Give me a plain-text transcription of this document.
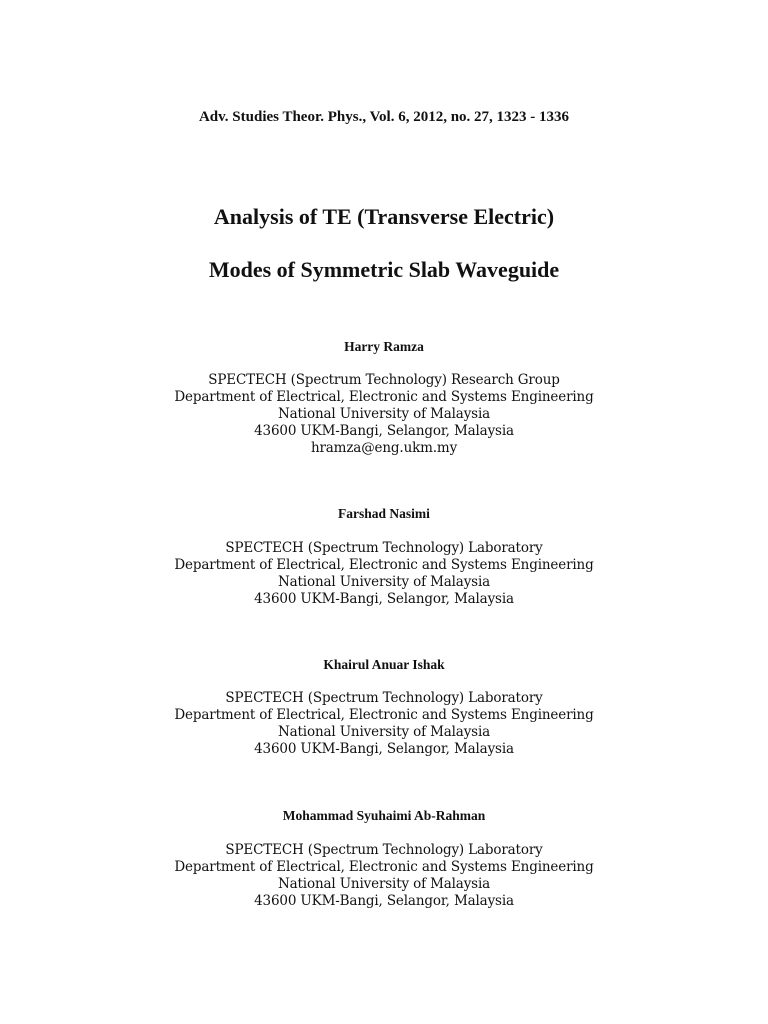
Adv. Studies Theor. Phys., Vol. 6, 2012, no. 27, 1323 - 1336
Analysis of TE (Transverse Electric)
Modes of Symmetric Slab Waveguide
Harry Ramza
SPECTECH (Spectrum Technology) Research Group
Department of Electrical, Electronic and Systems Engineering
National University of Malaysia
43600 UKM-Bangi, Selangor, Malaysia
hramza@eng.ukm.my
Farshad Nasimi
SPECTECH (Spectrum Technology) Laboratory
Department of Electrical, Electronic and Systems Engineering
National University of Malaysia
43600 UKM-Bangi, Selangor, Malaysia
Khairul Anuar Ishak
SPECTECH (Spectrum Technology) Laboratory
Department of Electrical, Electronic and Systems Engineering
National University of Malaysia
43600 UKM-Bangi, Selangor, Malaysia
Mohammad Syuhaimi Ab-Rahman
SPECTECH (Spectrum Technology) Laboratory
Department of Electrical, Electronic and Systems Engineering
National University of Malaysia
43600 UKM-Bangi, Selangor, Malaysia
